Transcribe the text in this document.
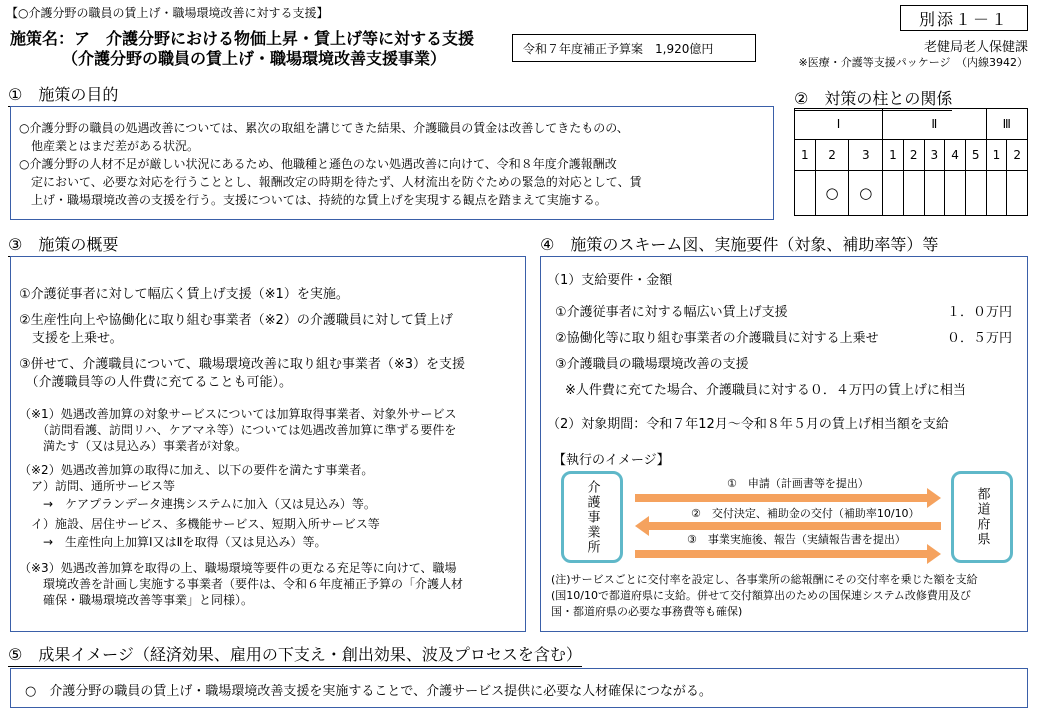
【○介護分野の職員の賃上げ・職場環境改善に対する支援】
施策名：ア　介護分野における物価上昇・賃上げ等に対する支援
（介護分野の職員の賃上げ・職場環境改善支援事業）
令和７年度補正予算案　1,920億円
別添１－１
老健局老人保健課
※医療・介護等支援パッケージ　（内線3942）
①　施策の目的
○介護分野の職員の処遇改善については、累次の取組を講じてきた結果、介護職員の賃金は改善してきたものの、
　他産業とはまだ差がある状況。
○介護分野の人材不足が厳しい状況にあるため、他職種と遜色のない処遇改善に向けて、令和８年度介護報酬改
　定において、必要な対応を行うこととし、報酬改定の時期を待たず、人材流出を防ぐための緊急的対応として、賃
　上げ・職場環境改善の支援を行う。支援については、持続的な賃上げを実現する観点を踏まえて実施する。
②　対策の柱との関係
Ⅰ			Ⅱ					Ⅲ	
1	2	3	1	2	3	4	5	1	2
	○	○							
③　施策の概要
①介護従事者に対して幅広く賃上げ支援（※1）を実施。
②生産性向上や協働化に取り組む事業者（※2）の介護職員に対して賃上げ
　支援を上乗せ。
③併せて、介護職員について、職場環境改善に取り組む事業者（※3）を支援
　（介護職員等の人件費に充てることも可能）。
（※1）処遇改善加算の対象サービスについては加算取得事業者、対象外サービス
　　（訪問看護、訪問リハ、ケアマネ等）については処遇改善加算に準ずる要件を
　　満たす（又は見込み）事業者が対象。
（※2）処遇改善加算の取得に加え、以下の要件を満たす事業者。
　ア）訪問、通所サービス等
　　→　ケアプランデータ連携システムに加入（又は見込み）等。
　イ）施設、居住サービス、多機能サービス、短期入所サービス等
　　→　生産性向上加算Ⅰ又はⅡを取得（又は見込み）等。
（※3）処遇改善加算を取得の上、職場環境等要件の更なる充足等に向けて、職場
　　環境改善を計画し実施する事業者（要件は、令和６年度補正予算の「介護人材
　　確保・職場環境改善等事業」と同様）。
④　施策のスキーム図、実施要件（対象、補助率等）等
（1）支給要件・金額
①介護従事者に対する幅広い賃上げ支援	１．０万円
②協働化等に取り組む事業者の介護職員に対する上乗せ	０．５万円
③介護職員の職場環境改善の支援
※人件費に充てた場合、介護職員に対する０．４万円の賃上げに相当
（2）対象期間：令和７年12月～令和８年５月の賃上げ相当額を支給
【執行のイメージ】
介護事業所	都道府県
①　申請（計画書等を提出）
②　交付決定、補助金の交付（補助率10/10）
③　事業実施後、報告（実績報告書を提出）
(注)サービスごとに交付率を設定し、各事業所の総報酬にその交付率を乗じた額を支給
(国10/10で都道府県に支給。併せて交付額算出のための国保連システム改修費用及び
国・都道府県の必要な事務費等も確保)
⑤　成果イメージ（経済効果、雇用の下支え・創出効果、波及プロセスを含む）
○　介護分野の職員の賃上げ・職場環境改善支援を実施することで、介護サービス提供に必要な人材確保につながる。
